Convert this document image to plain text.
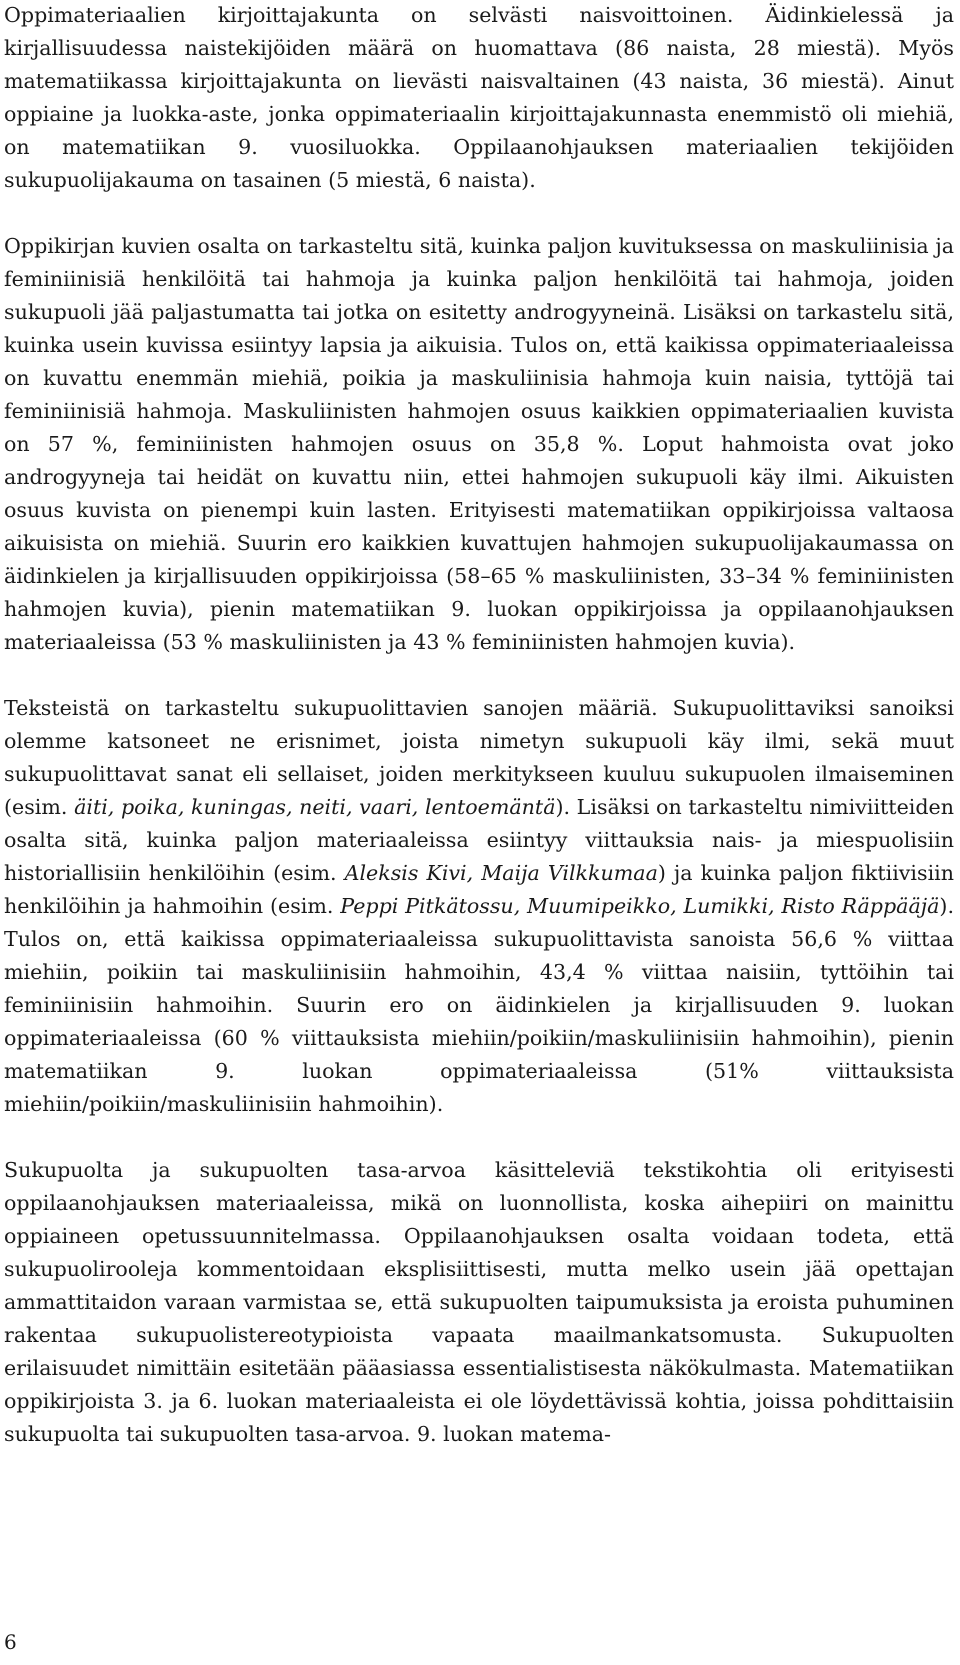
Oppimateriaalien kirjoittajakunta on selvästi naisvoittoinen. Äidinkielessä ja kirjallisuudessa naistekijöiden määrä on huomattava (86 naista, 28 miestä). Myös matematiikassa kirjoittajakunta on lievästi naisvaltainen (43 naista, 36 miestä). Ainut oppiaine ja luokka-aste, jonka oppimateriaalin kirjoittajakunnasta enemmistö oli miehiä, on matematiikan 9. vuosiluokka. Oppilaanohjauksen materiaalien tekijöiden sukupuolijakauma on tasainen (5 miestä, 6 naista).

Oppikirjan kuvien osalta on tarkasteltu sitä, kuinka paljon kuvituksessa on maskuliinisia ja feminiinisiä henkilöitä tai hahmoja ja kuinka paljon henkilöitä tai hahmoja, joiden sukupuoli jää paljastumatta tai jotka on esitetty androgyyneinä. Lisäksi on tarkastelu sitä, kuinka usein kuvissa esiintyy lapsia ja aikuisia. Tulos on, että kaikissa oppimateriaaleissa on kuvattu enemmän miehiä, poikia ja maskuliinisia hahmoja kuin naisia, tyttöjä tai feminiinisiä hahmoja. Maskuliinisten hahmojen osuus kaikkien oppimateriaalien kuvista on 57 %, feminiinisten hahmojen osuus on 35,8 %. Loput hahmoista ovat joko androgyyneja tai heidät on kuvattu niin, ettei hahmojen sukupuoli käy ilmi. Aikuisten osuus kuvista on pienempi kuin lasten. Erityisesti matematiikan oppikirjoissa valtaosa aikuisista on miehiä. Suurin ero kaikkien kuvattujen hahmojen sukupuolijakaumassa on äidinkielen ja kirjallisuuden oppikirjoissa (58–65 % maskuliinisten, 33–34 % feminiinisten hahmojen kuvia), pienin matematiikan 9. luokan oppikirjoissa ja oppilaanohjauksen materiaaleissa (53 % maskuliinisten ja 43 % feminiinisten hahmojen kuvia).

Teksteistä on tarkasteltu sukupuolittavien sanojen määriä. Sukupuolittaviksi sanoiksi olemme katsoneet ne erisnimet, joista nimetyn sukupuoli käy ilmi, sekä muut sukupuolittavat sanat eli sellaiset, joiden merkitykseen kuuluu sukupuolen ilmaiseminen (esim. äiti, poika, kuningas, neiti, vaari, lentoemäntä). Lisäksi on tarkasteltu nimiviitteiden osalta sitä, kuinka paljon materiaaleissa esiintyy viittauksia nais- ja miespuolisiin historiallisiin henkilöihin (esim. Aleksis Kivi, Maija Vilkkumaa) ja kuinka paljon fiktiivisiin henkilöihin ja hahmoihin (esim. Peppi Pitkätossu, Muumipeikko, Lumikki, Risto Räppääjä). Tulos on, että kaikissa oppimateriaaleissa sukupuolittavista sanoista 56,6 % viittaa miehiin, poikiin tai maskuliinisiin hahmoihin, 43,4 % viittaa naisiin, tyttöihin tai feminiinisiin hahmoihin. Suurin ero on äidinkielen ja kirjallisuuden 9. luokan oppimateriaaleissa (60 % viittauksista miehiin/poikiin/maskuliinisiin hahmoihin), pienin matematiikan 9. luokan oppimateriaaleissa (51% viittauksista miehiin/poikiin/maskuliinisiin hahmoihin).

Sukupuolta ja sukupuolten tasa-arvoa käsitteleviä tekstikohtia oli erityisesti oppilaanohjauksen materiaaleissa, mikä on luonnollista, koska aihepiiri on mainittu oppiaineen opetussuunnitelmassa. Oppilaanohjauksen osalta voidaan todeta, että sukupuolirooleja kommentoidaan eksplisiittisesti, mutta melko usein jää opettajan ammattitaidon varaan varmistaa se, että sukupuolten taipumuksista ja eroista puhuminen rakentaa sukupuolistereotypioista vapaata maailmankatsomusta. Sukupuolten erilaisuudet nimittäin esitetään pääasiassa essentialistisesta näkökulmasta. Matematiikan oppikirjoista 3. ja 6. luokan materiaaleista ei ole löydettävissä kohtia, joissa pohdittaisiin sukupuolta tai sukupuolten tasa-arvoa. 9. luokan matema-

6
